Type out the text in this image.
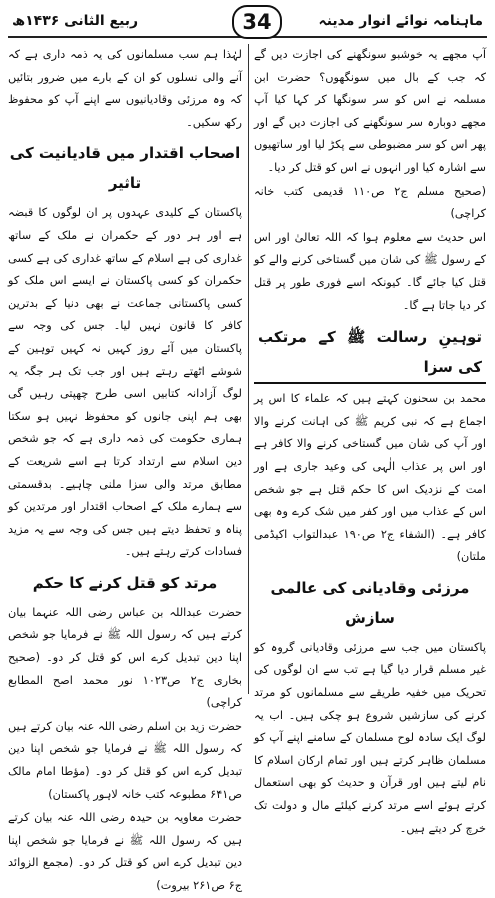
ربیع الثانی ۱۴۳۶ھ	34	ماہنامہ نوائے انوار مدینہ

آپ مجھے یہ خوشبو سونگھنے کی اجازت دیں گے کہ جب کے بال میں سونگھوں؟ حضرت ابن مسلمہ نے اس کو سر سونگھا کر کہا کیا آپ مجھے دوبارہ سر سونگھنے کی اجازت دیں گے اور پھر اس کو سر مضبوطی سے پکڑ لیا اور ساتھیوں سے اشارہ کیا اور انہوں نے اس کو قتل کر دیا۔

(صحیح مسلم ج۲ ص۱۱۰ قدیمی کتب خانہ کراچی)

اس حدیث سے معلوم ہوا کہ اللہ تعالیٰ اور اس کے رسول ﷺ کی شان میں گستاخی کرنے والے کو قتل کیا جائے گا۔ کیونکہ اسے فوری طور پر قتل کر دیا جاتا ہے گا۔

توہینِ رسالت ﷺ کے مرتکب کی سزا

محمد بن سحنون کہتے ہیں کہ علماء کا اس پر اجماع ہے کہ نبی کریم ﷺ کی اہانت کرنے والا اور آپ کی شان میں گستاخی کرنے والا کافر ہے اور اس پر عذاب الٰہی کی وعید جاری ہے اور امت کے نزدیک اس کا حکم قتل ہے جو شخص اس کے عذاب میں اور کفر میں شک کرے وہ بھی کافر ہے۔ (الشفاء ج۲ ص۱۹۰ عبدالتواب اکیڈمی ملتان)

مرزئی وقادیانی کی عالمی سازش

پاکستان میں جب سے مرزئی وقادیانی گروہ کو غیر مسلم قرار دیا گیا ہے تب سے ان لوگوں کی تحریک میں خفیہ طریقے سے مسلمانوں کو مرتد کرنے کی سازشیں شروع ہو چکی ہیں۔ اب یہ لوگ ایک سادہ لوح مسلمان کے سامنے اپنے آپ کو مسلمان ظاہر کرتے ہیں اور تمام ارکان اسلام کا نام لیتے ہیں اور قرآن و حدیث کو بھی استعمال کرتے ہوئے اسے مرتد کرنے کیلئے مال و دولت تک خرچ کر دیتے ہیں۔

لہٰذا ہم سب مسلمانوں کی یہ ذمہ داری ہے کہ آنے والی نسلوں کو ان کے بارے میں ضرور بتائیں کہ وہ مرزئی وقادیانیوں سے اپنے آپ کو محفوظ رکھ سکیں۔

اصحاب اقتدار میں قادیانیت کی تاثیر

پاکستان کے کلیدی عہدوں پر ان لوگوں کا قبضہ ہے اور ہر دور کے حکمران نے ملک کے ساتھ غداری کی ہے اسلام کے ساتھ غداری کی ہے کسی حکمران کو کسی پاکستان نے ایسے اس ملک کو کسی پاکستانی جماعت نے بھی دنیا کے بدترین کافر کا قانون نہیں لیا۔ جس کی وجہ سے پاکستان میں آئے روز کہیں نہ کہیں توہین کے شوشے اٹھتے رہتے ہیں اور جب تک ہر جگہ یہ لوگ آزادانہ کتابیں اسی طرح چھپتی رہیں گی بھی ہم اپنی جانوں کو محفوظ نہیں ہو سکتا ہماری حکومت کی ذمہ داری ہے کہ جو شخص دین اسلام سے ارتداد کرتا ہے اسے شریعت کے مطابق مرتد والی سزا ملنی چاہیے۔ بدقسمتی سے ہمارے ملک کے اصحاب اقتدار اور مرتدین کو پناہ و تحفظ دیتے ہیں جس کی وجہ سے یہ مزید فسادات کرتے رہتے ہیں۔

مرتد کو قتل کرنے کا حکم

حضرت عبداللہ بن عباس رضی اللہ عنہما بیان کرتے ہیں کہ رسول اللہ ﷺ نے فرمایا جو شخص اپنا دین تبدیل کرے اس کو قتل کر دو۔ (صحیح بخاری ج۲ ص۱۰۲۳ نور محمد اصح المطابع کراچی)

حضرت زید بن اسلم رضی اللہ عنہ بیان کرتے ہیں کہ رسول اللہ ﷺ نے فرمایا جو شخص اپنا دین تبدیل کرے اس کو قتل کر دو۔ (مؤطا امام مالک ص۶۴۱ مطبوعہ کتب خانہ لاہور پاکستان)

حضرت معاویہ بن حیدہ رضی اللہ عنہ بیان کرتے ہیں کہ رسول اللہ ﷺ نے فرمایا جو شخص اپنا دین تبدیل کرے اس کو قتل کر دو۔ (مجمع الزوائد ج۶ ص۲۶۱ بیروت)
